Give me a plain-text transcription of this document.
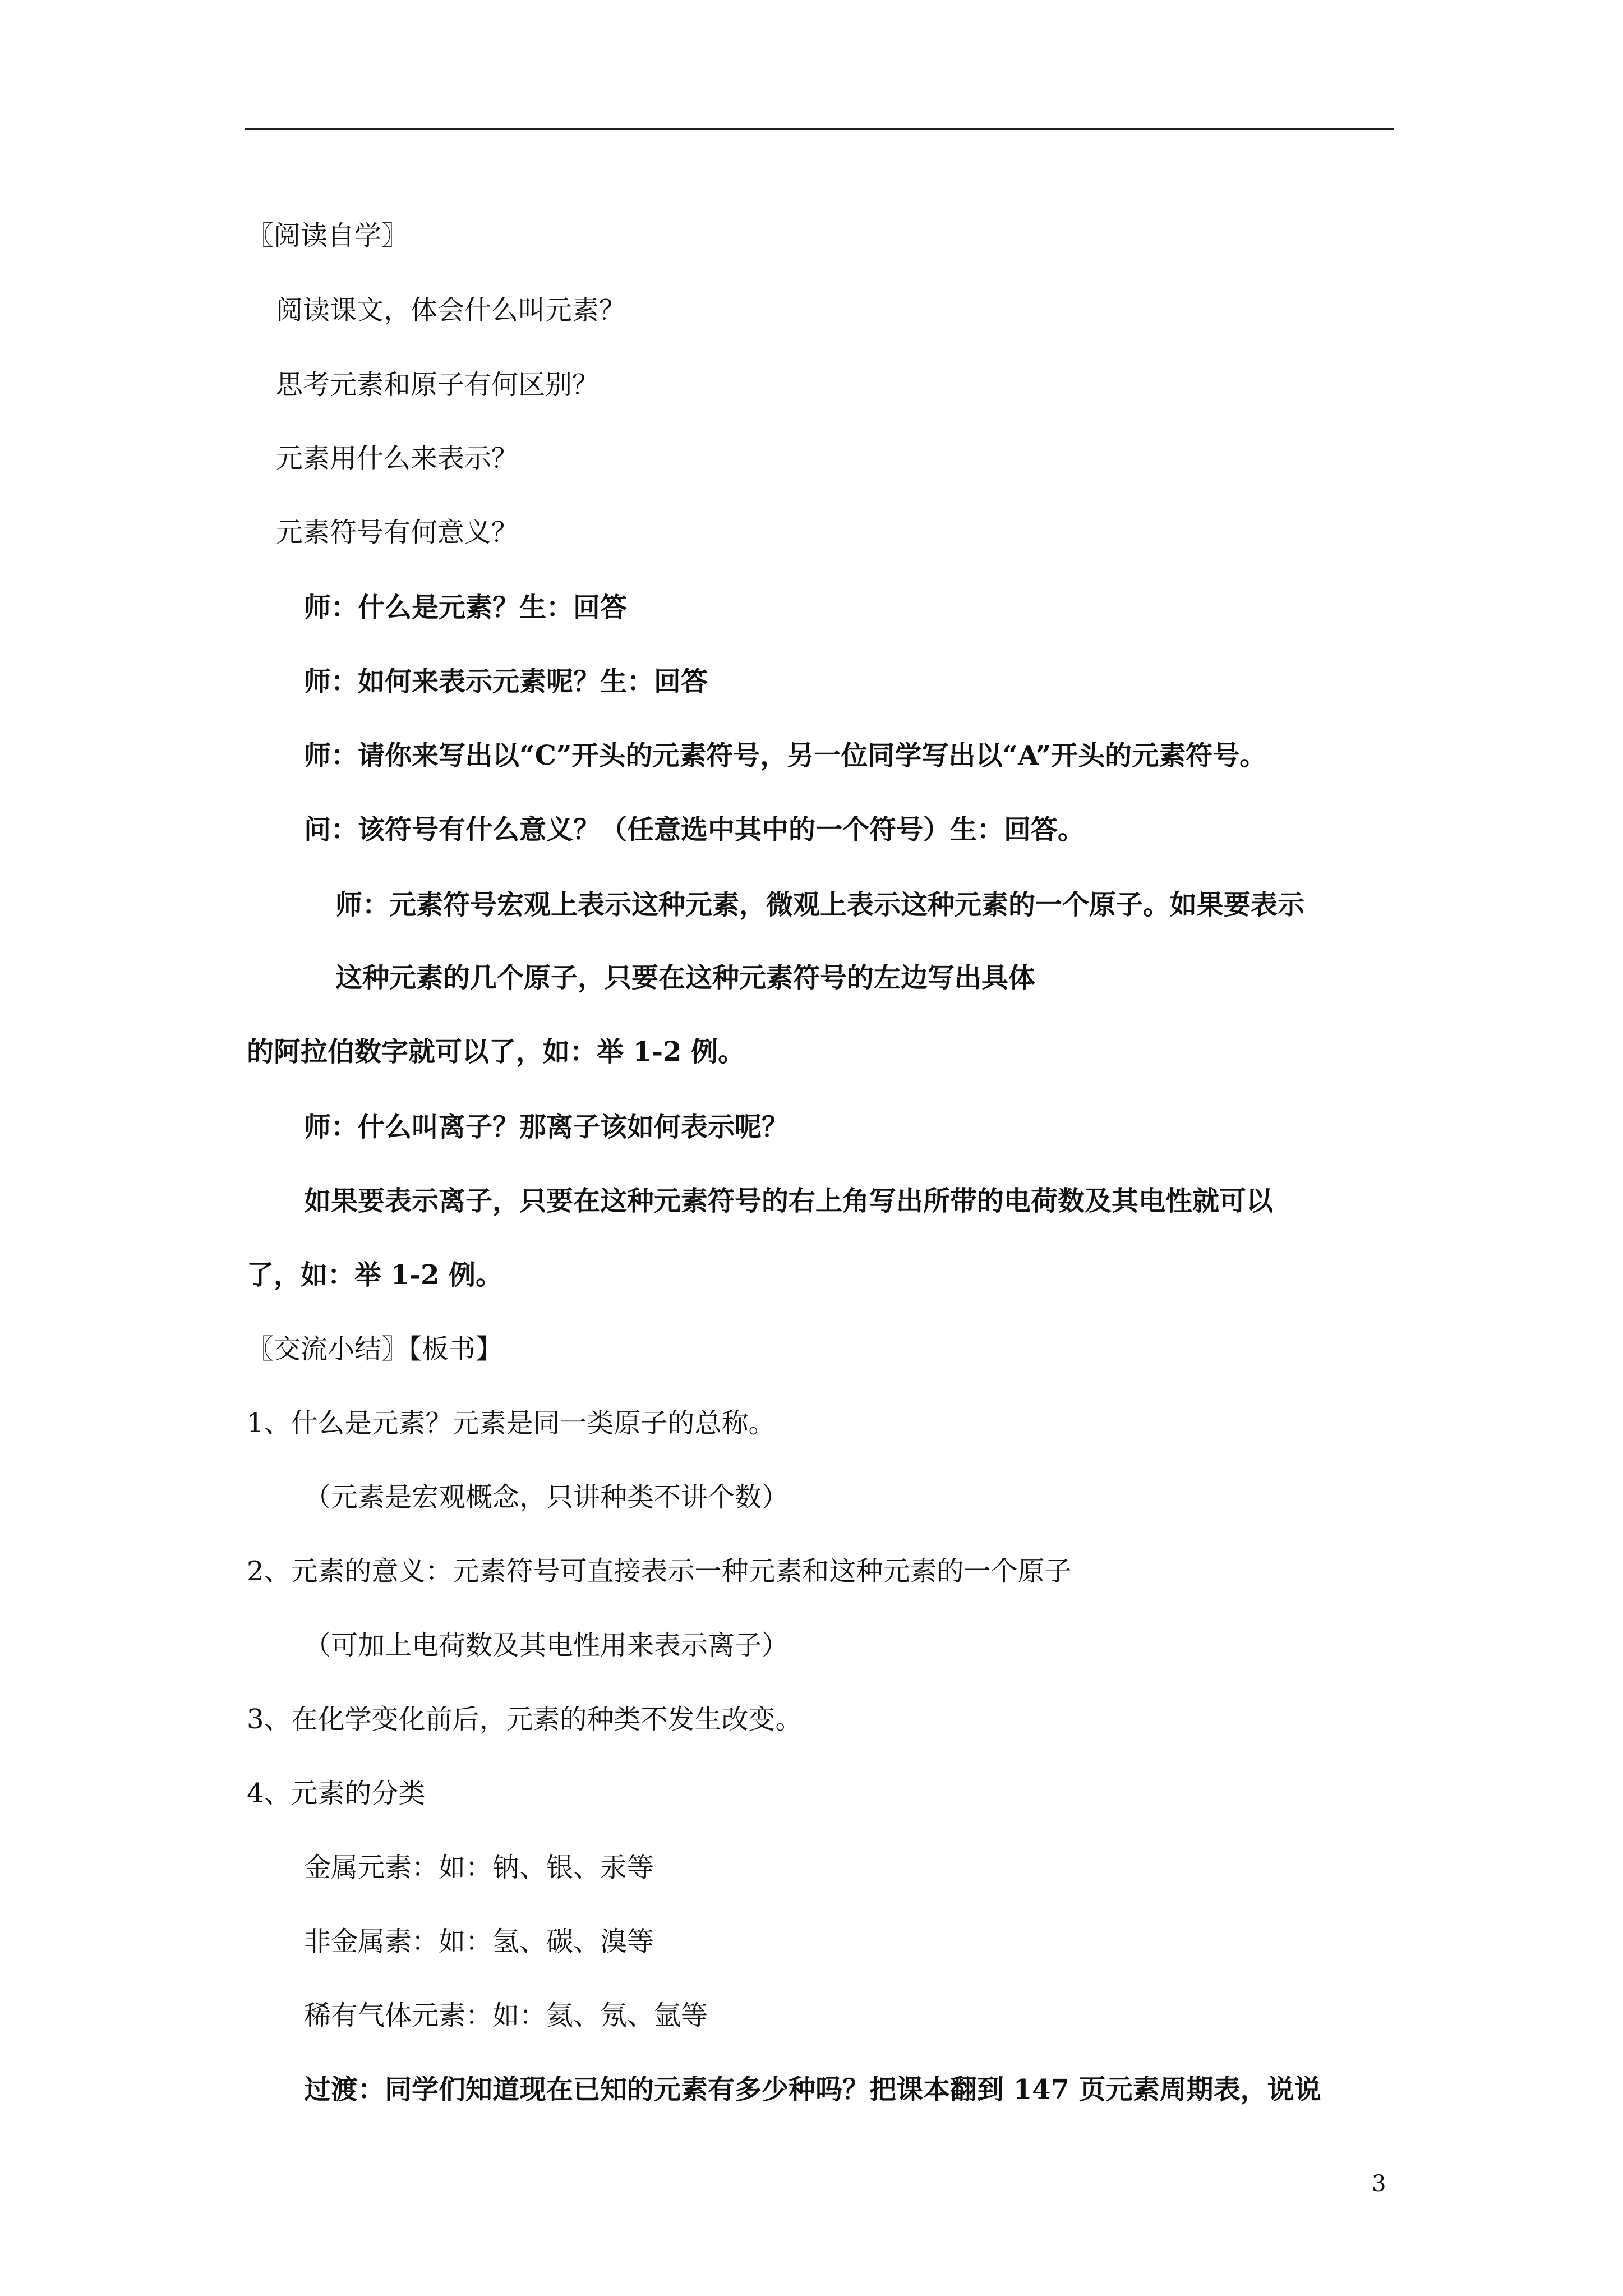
〖阅读自学〗
阅读课文，体会什么叫元素？
思考元素和原子有何区别？
元素用什么来表示？
元素符号有何意义？
师：什么是元素？生：回答
师：如何来表示元素呢？生：回答
师：请你来写出以“C”开头的元素符号，另一位同学写出以“A”开头的元素符号。
问：该符号有什么意义？（任意选中其中的一个符号）生：回答。
师：元素符号宏观上表示这种元素，微观上表示这种元素的一个原子。如果要表示
这种元素的几个原子，只要在这种元素符号的左边写出具体
的阿拉伯数字就可以了，如：举 1-2 例。
师：什么叫离子？那离子该如何表示呢？
如果要表示离子，只要在这种元素符号的右上角写出所带的电荷数及其电性就可以
了，如：举 1-2 例。
〖交流小结〗【板书】
1、什么是元素？元素是同一类原子的总称。
（元素是宏观概念，只讲种类不讲个数）
2、元素的意义：元素符号可直接表示一种元素和这种元素的一个原子
（可加上电荷数及其电性用来表示离子）
3、在化学变化前后，元素的种类不发生改变。
4、元素的分类
金属元素：如：钠、银、汞等
非金属素：如：氢、碳、溴等
稀有气体元素：如：氦、氖、氩等
过渡：同学们知道现在已知的元素有多少种吗？把课本翻到 147 页元素周期表，说说
3
